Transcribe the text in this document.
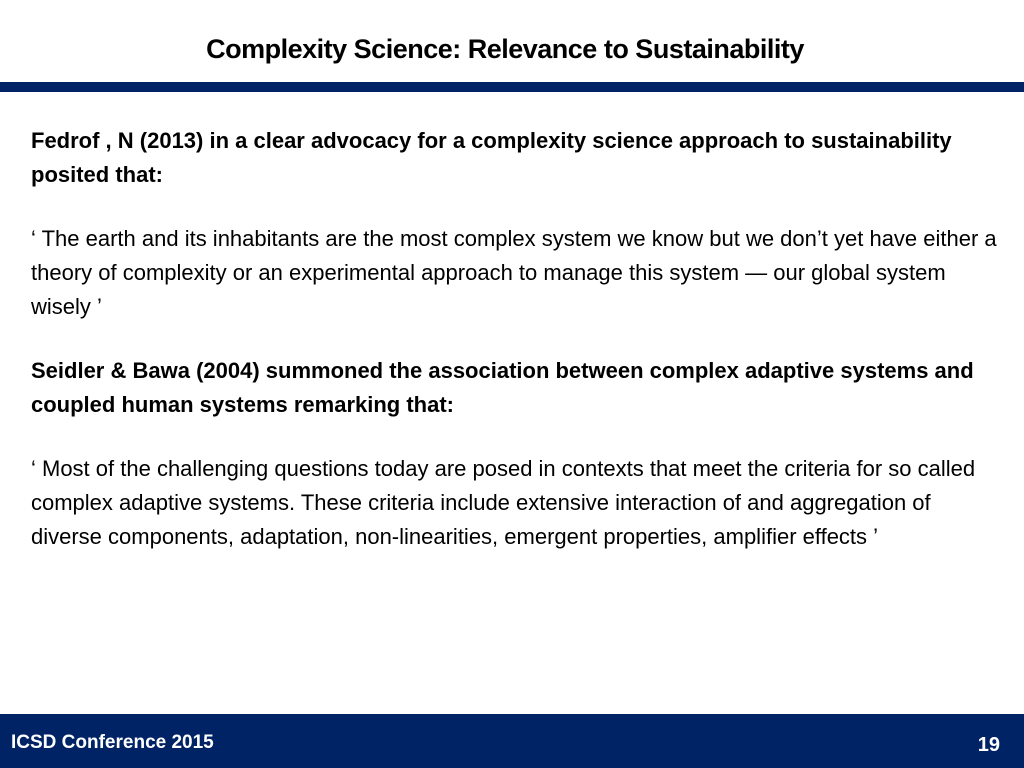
Complexity Science: Relevance to Sustainability

Fedrof , N (2013) in a clear advocacy for a complexity science approach to sustainability posited that:

‘ The earth and its inhabitants are the most complex system we know but we don’t yet have either a theory of complexity or an experimental approach to manage this system — our global system wisely ’

Seidler & Bawa (2004) summoned the association between complex adaptive systems and coupled human systems remarking that:

‘ Most of the challenging questions today are posed in contexts that meet the criteria for so called complex adaptive systems. These criteria include extensive interaction of and aggregation of diverse components, adaptation, non-linearities, emergent properties, amplifier effects ’

ICSD Conference 2015	19
